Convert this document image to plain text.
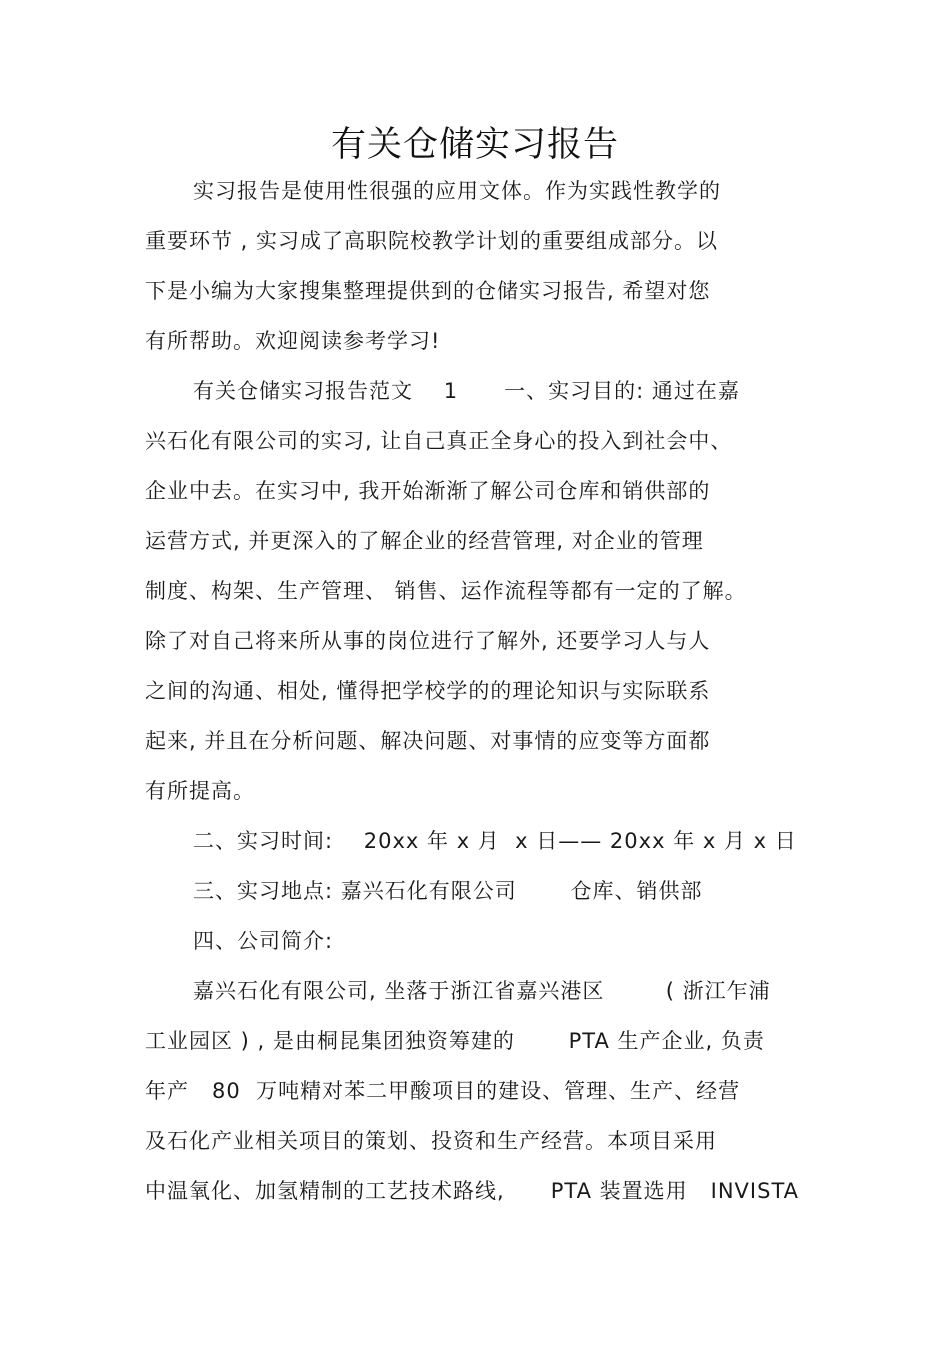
有关仓储实习报告
实习报告是使用性很强的应用文体。作为实践性教学的
重要环节 , 实习成了高职院校教学计划的重要组成部分。以
下是小编为大家搜集整理提供到的仓储实习报告, 希望对您
有所帮助。欢迎阅读参考学习!
有关仓储实习报告范文    1      一、实习目的: 通过在嘉
兴石化有限公司的实习, 让自己真正全身心的投入到社会中、
企业中去。在实习中, 我开始渐渐了解公司仓库和销供部的
运营方式, 并更深入的了解企业的经营管理, 对企业的管理
制度、构架、生产管理、 销售、运作流程等都有一定的了解。
除了对自己将来所从事的岗位进行了解外, 还要学习人与人
之间的沟通、相处, 懂得把学校学的的理论知识与实际联系
起来, 并且在分析问题、解决问题、对事情的应变等方面都
有所提高。
二、实习时间:    20xx 年 x 月  x 日—— 20xx 年 x 月 x 日
三、实习地点: 嘉兴石化有限公司       仓库、销供部
四、公司简介:
嘉兴石化有限公司, 坐落于浙江省嘉兴港区        ( 浙江乍浦
工业园区 ) , 是由桐昆集团独资筹建的       PTA 生产企业, 负责
年产   80  万吨精对苯二甲酸项目的建设、管理、生产、经营
及石化产业相关项目的策划、投资和生产经营。本项目采用
中温氧化、加氢精制的工艺技术路线,      PTA 装置选用   INVISTA
